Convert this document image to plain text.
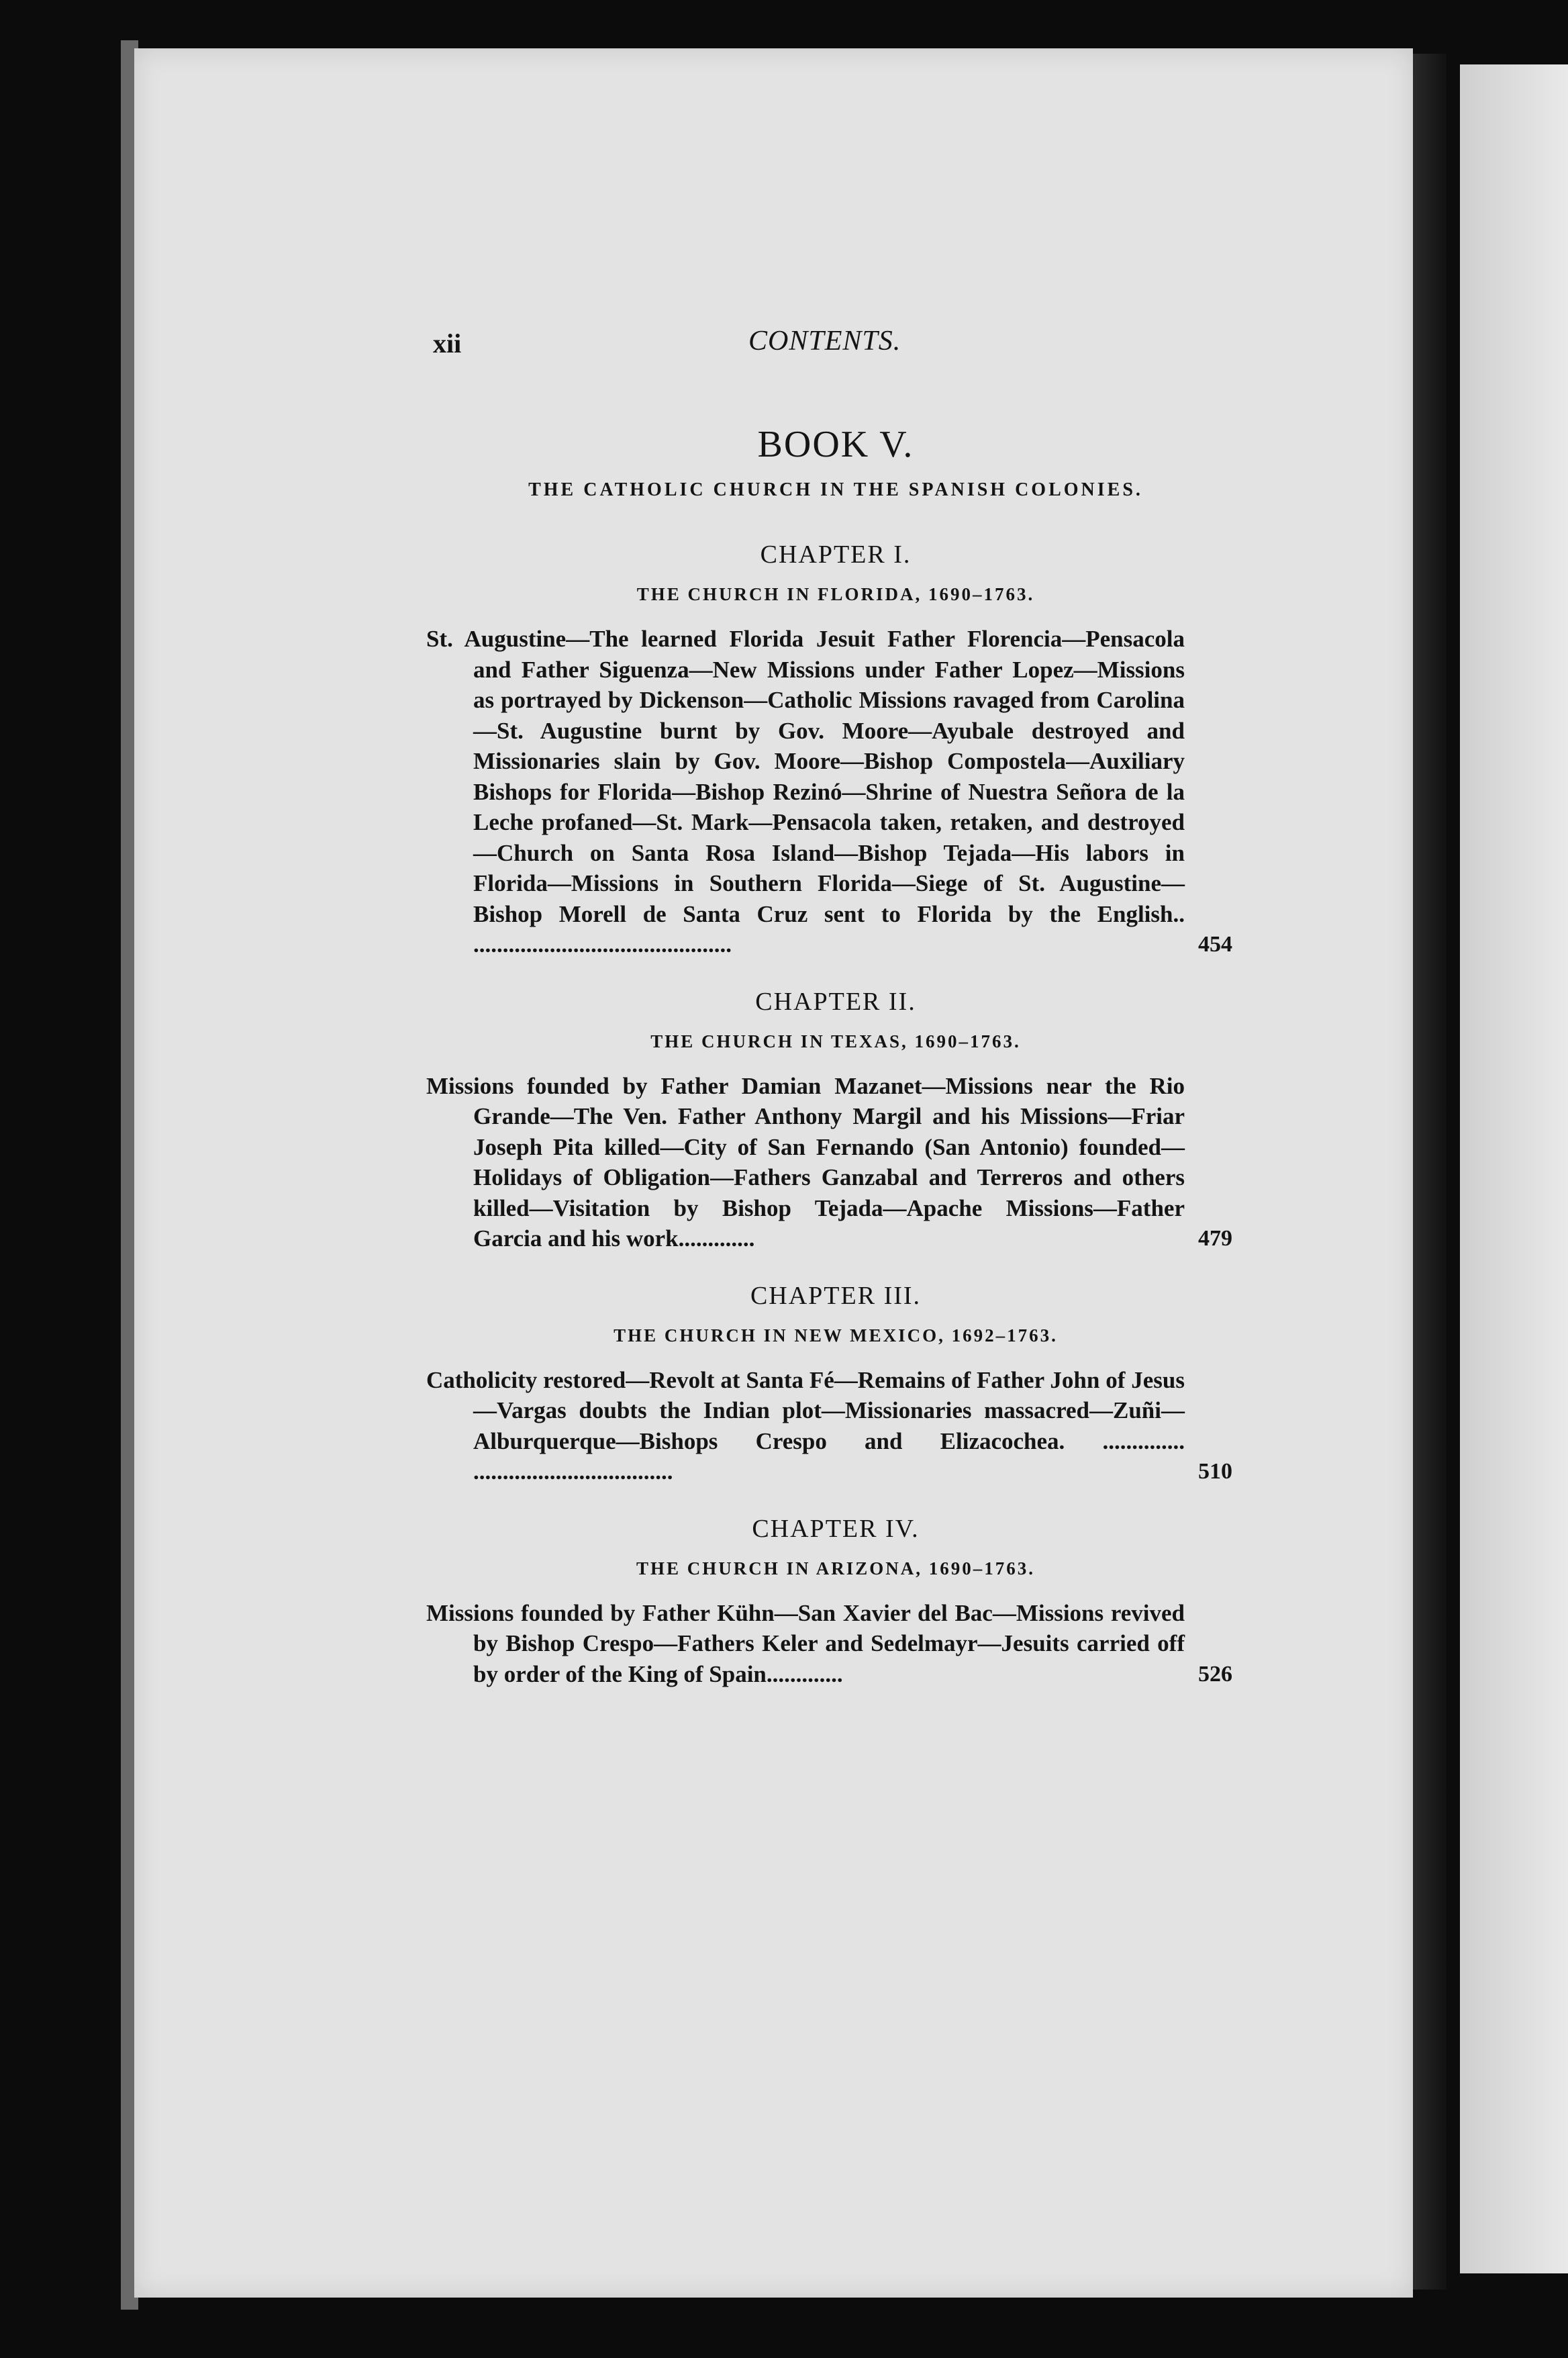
xii	CONTENTS.
BOOK V.
THE CATHOLIC CHURCH IN THE SPANISH COLONIES.
CHAPTER I.
THE CHURCH IN FLORIDA, 1690–1763.
St. Augustine—The learned Florida Jesuit Father Florencia—Pensacola and Father Siguenza—New Missions under Father Lopez—Missions as portrayed by Dickenson—Catholic Missions ravaged from Carolina—St. Augustine burnt by Gov. Moore—Ayubale destroyed and Missionaries slain by Gov. Moore—Bishop Compostela—Auxiliary Bishops for Florida—Bishop Rezinó—Shrine of Nuestra Señora de la Leche profaned—St. Mark—Pensacola taken, retaken, and destroyed—Church on Santa Rosa Island—Bishop Tejada—His labors in Florida—Missions in Southern Florida—Siege of St. Augustine—Bishop Morell de Santa Cruz sent to Florida by the English.. ............................................	454
CHAPTER II.
THE CHURCH IN TEXAS, 1690–1763.
Missions founded by Father Damian Mazanet—Missions near the Rio Grande—The Ven. Father Anthony Margil and his Missions—Friar Joseph Pita killed—City of San Fernando (San Antonio) founded—Holidays of Obligation—Fathers Ganzabal and Terreros and others killed—Visitation by Bishop Tejada—Apache Missions—Father Garcia and his work.............	479
CHAPTER III.
THE CHURCH IN NEW MEXICO, 1692–1763.
Catholicity restored—Revolt at Santa Fé—Remains of Father John of Jesus—Vargas doubts the Indian plot—Missionaries massacred—Zuñi—Alburquerque—Bishops Crespo and Elizacochea. .............. ..................................	510
CHAPTER IV.
THE CHURCH IN ARIZONA, 1690–1763.
Missions founded by Father Kühn—San Xavier del Bac—Missions revived by Bishop Crespo—Fathers Keler and Sedelmayr—Jesuits carried off by order of the King of Spain.............	526
